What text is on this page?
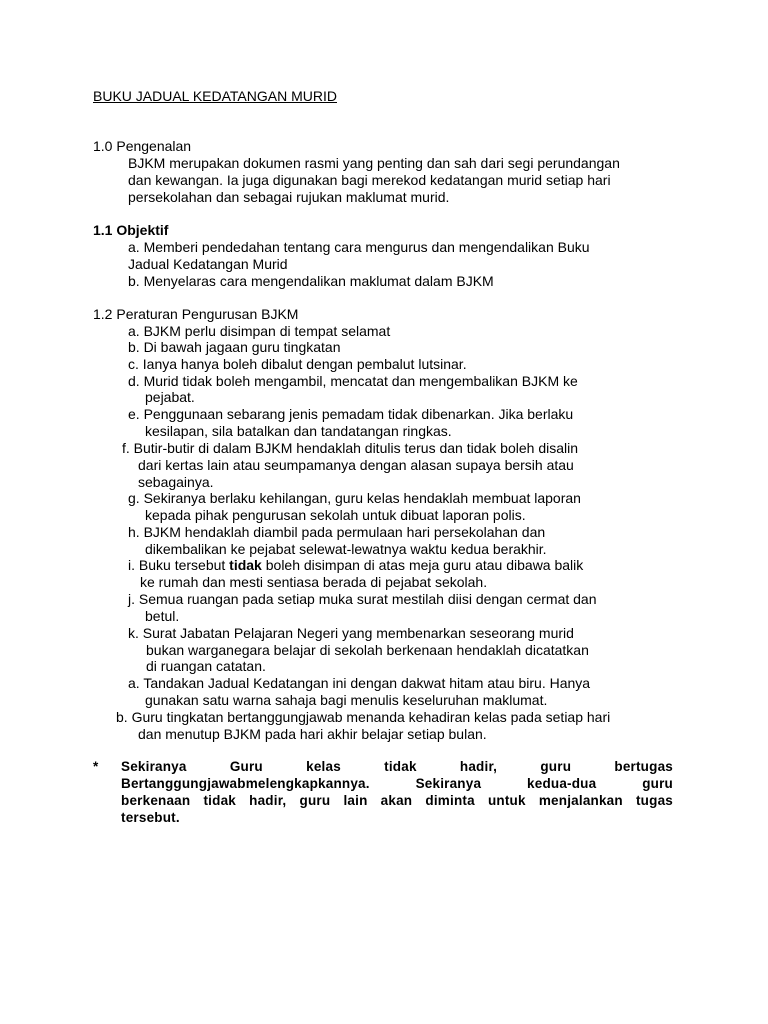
BUKU JADUAL KEDATANGAN MURID

1.0 Pengenalan

BJKM merupakan dokumen rasmi yang penting dan sah dari segi perundangan

dan kewangan. Ia juga digunakan bagi merekod kedatangan murid setiap hari

persekolahan dan sebagai rujukan maklumat murid.

1.1 Objektif

a. Memberi pendedahan tentang cara mengurus dan mengendalikan Buku

Jadual Kedatangan Murid

b. Menyelaras cara mengendalikan maklumat dalam BJKM

1.2 Peraturan Pengurusan BJKM

a. BJKM perlu disimpan di tempat selamat

b. Di bawah jagaan guru tingkatan

c. Ianya hanya boleh dibalut dengan pembalut lutsinar.

d. Murid tidak boleh mengambil, mencatat dan mengembalikan BJKM ke

pejabat.

e. Penggunaan sebarang jenis pemadam tidak dibenarkan. Jika berlaku

kesilapan, sila batalkan dan tandatangan ringkas.

f. Butir-butir di dalam BJKM hendaklah ditulis terus dan tidak boleh disalin

dari kertas lain atau seumpamanya dengan alasan supaya bersih atau

sebagainya.

g. Sekiranya berlaku kehilangan, guru kelas hendaklah membuat laporan

kepada pihak pengurusan sekolah untuk dibuat laporan polis.

h. BJKM hendaklah diambil pada permulaan hari persekolahan dan

dikembalikan ke pejabat selewat-lewatnya waktu kedua berakhir.

i. Buku tersebut tidak boleh disimpan di atas meja guru atau dibawa balik

ke rumah dan mesti sentiasa berada di pejabat sekolah.

j. Semua ruangan pada setiap muka surat mestilah diisi dengan cermat dan

betul.

k. Surat Jabatan Pelajaran Negeri yang membenarkan seseorang murid

bukan warganegara belajar di sekolah berkenaan hendaklah dicatatkan

di ruangan catatan.

a. Tandakan Jadual Kedatangan ini dengan dakwat hitam atau biru. Hanya

gunakan satu warna sahaja bagi menulis keseluruhan maklumat.

b. Guru tingkatan bertanggungjawab menanda kehadiran kelas pada setiap hari

dan menutup BJKM pada hari akhir belajar setiap bulan.

* Sekiranya Guru kelas tidak hadir, guru bertugas

Bertanggungjawabmelengkapkannya. Sekiranya kedua-dua guru

berkenaan tidak hadir, guru lain akan diminta untuk menjalankan tugas

tersebut.
